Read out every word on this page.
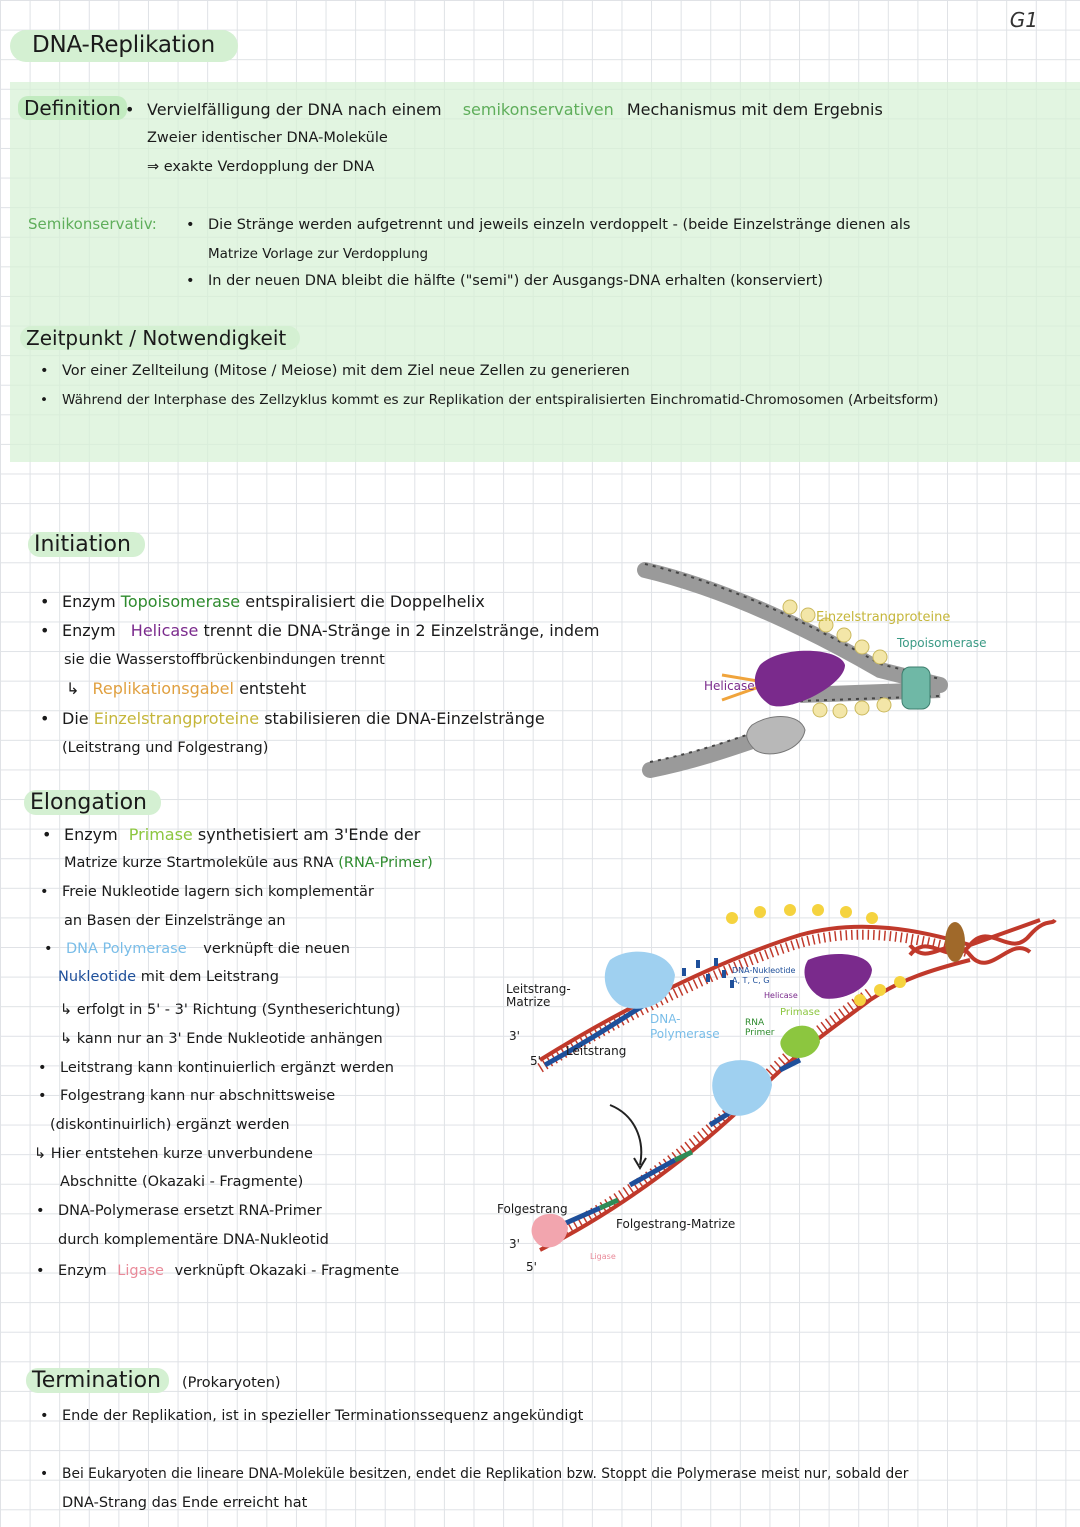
G1
DNA-Replikation
Definition • Vervielfälligung der DNA nach einem semikonservativen Mechanismus mit dem Ergebnis
Zweier identischer DNA-Moleküle
⇒ exakte Verdopplung der DNA
Semikonservativ:	• Die Stränge werden aufgetrennt und jeweils einzeln verdoppelt - (beide Einzelstränge dienen als
Matrize Vorlage zur Verdopplung
• In der neuen DNA bleibt die hälfte ("semi") der Ausgangs-DNA erhalten (konserviert)
Zeitpunkt / Notwendigkeit
• Vor einer Zellteilung (Mitose / Meiose) mit dem Ziel neue Zellen zu generieren
• Während der Interphase des Zellzyklus kommt es zur Replikation der entspiralisierten Einchromatid-Chromosomen (Arbeitsform)
Initiation
• Enzym Topoisomerase entspiralisiert die Doppelhelix
• Enzym Helicase trennt die DNA-Stränge in 2 Einzelstränge, indem
sie die Wasserstoffbrückenbindungen trennt
↳ Replikationsgabel entsteht
• Die Einzelstrangproteine stabilisieren die DNA-Einzelstränge
(Leitstrang und Folgestrang)
Einzelstrangproteine
Topoisomerase
Helicase
Elongation
• Enzym Primase synthetisiert am 3'Ende der
Matrize kurze Startmoleküle aus RNA (RNA-Primer)
• Freie Nukleotide lagern sich komplementär
an Basen der Einzelstränge an
• DNA Polymerase verknüpft die neuen
Nukleotide mit dem Leitstrang
↳ erfolgt in 5' - 3' Richtung (Syntheserichtung)
↳ kann nur an 3' Ende Nukleotide anhängen
• Leitstrang kann kontinuierlich ergänzt werden
• Folgestrang kann nur abschnittsweise
(diskontinuirlich) ergänzt werden
↳ Hier entstehen kurze unverbundene
Abschnitte (Okazaki - Fragmente)
• DNA-Polymerase ersetzt RNA-Primer
durch komplementäre DNA-Nukleotid
• Enzym Ligase verknüpft Okazaki - Fragmente
Leitstrang-Matrize
3'
5'
Leitstrang
DNA-Polymerase
DNA-Nukleotide
A, T, C, G
Helicase
Primase
RNA Primer
Folgestrang
3'
5'
Folgestrang-Matrize
Ligase
Termination (Prokaryoten)
• Ende der Replikation, ist in spezieller Terminationssequenz angekündigt
• Bei Eukaryoten die lineare DNA-Moleküle besitzen, endet die Replikation bzw. Stoppt die Polymerase meist nur, sobald der
DNA-Strang das Ende erreicht hat
